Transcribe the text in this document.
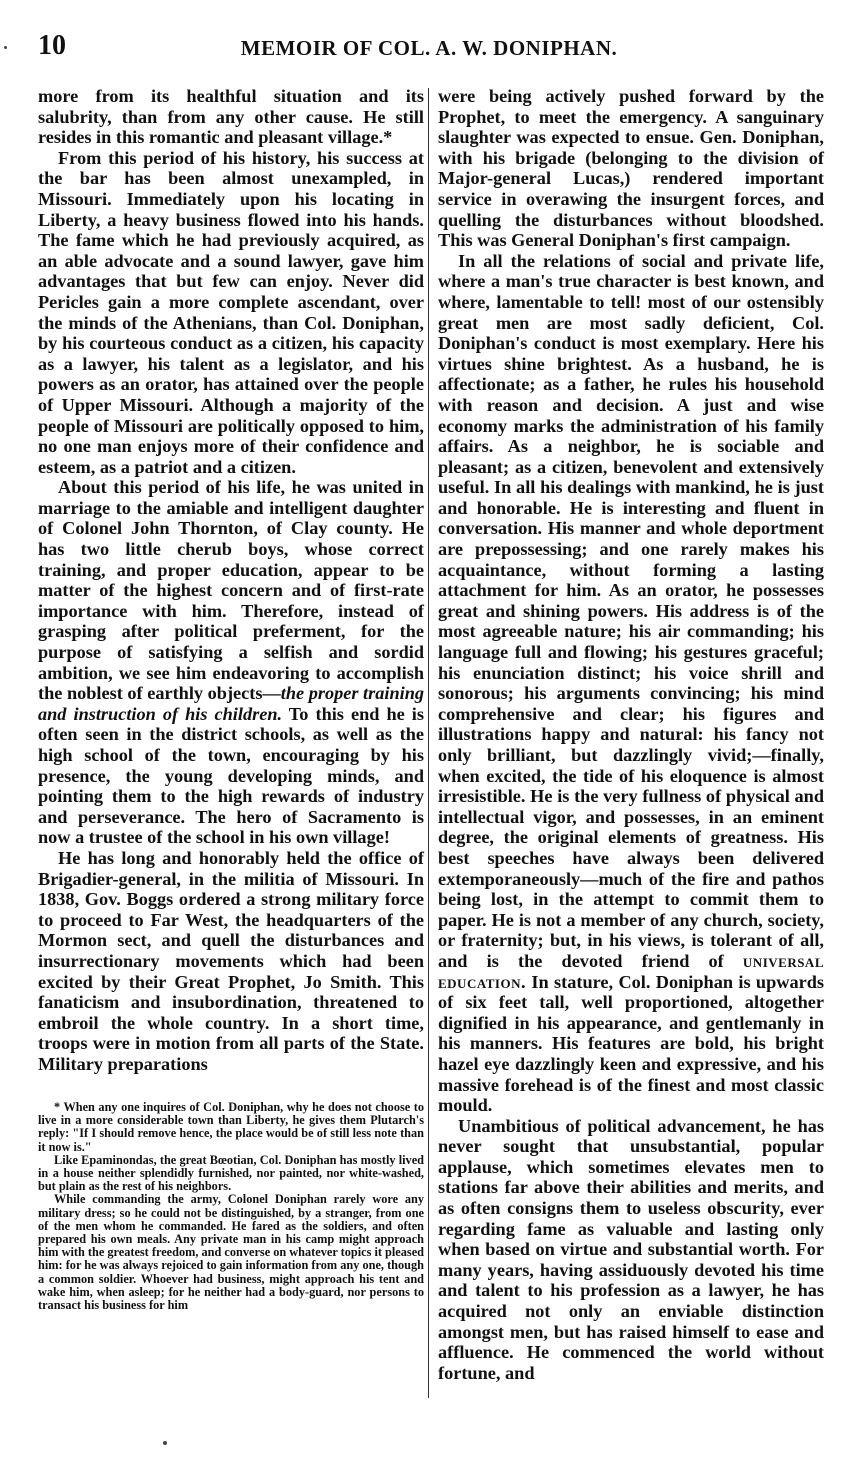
10	MEMOIR OF COL. A. W. DONIPHAN.

more from its healthful situation and its salubrity, than from any other cause. He still resides in this romantic and pleasant village.*

From this period of his history, his success at the bar has been almost unexampled, in Missouri. Immediately upon his locating in Liberty, a heavy business flowed into his hands. The fame which he had previously acquired, as an able advocate and a sound lawyer, gave him advantages that but few can enjoy. Never did Pericles gain a more complete ascendant, over the minds of the Athenians, than Col. Doniphan, by his courteous conduct as a citizen, his capacity as a lawyer, his talent as a legislator, and his powers as an orator, has attained over the people of Upper Missouri. Although a majority of the people of Missouri are politically opposed to him, no one man enjoys more of their confidence and esteem, as a patriot and a citizen.

About this period of his life, he was united in marriage to the amiable and intelligent daughter of Colonel John Thornton, of Clay county. He has two little cherub boys, whose correct training, and proper education, appear to be matter of the highest concern and of first-rate importance with him. Therefore, instead of grasping after political preferment, for the purpose of satisfying a selfish and sordid ambition, we see him endeavoring to accomplish the noblest of earthly objects—the proper training and instruction of his children. To this end he is often seen in the district schools, as well as the high school of the town, encouraging by his presence, the young developing minds, and pointing them to the high rewards of industry and perseverance. The hero of Sacramento is now a trustee of the school in his own village!

He has long and honorably held the office of Brigadier-general, in the militia of Missouri. In 1838, Gov. Boggs ordered a strong military force to proceed to Far West, the headquarters of the Mormon sect, and quell the disturbances and insurrectionary movements which had been excited by their Great Prophet, Jo Smith. This fanaticism and insubordination, threatened to embroil the whole country. In a short time, troops were in motion from all parts of the State. Military preparations

were being actively pushed forward by the Prophet, to meet the emergency. A sanguinary slaughter was expected to ensue. Gen. Doniphan, with his brigade (belonging to the division of Major-general Lucas,) rendered important service in overawing the insurgent forces, and quelling the disturbances without bloodshed. This was General Doniphan's first campaign.

In all the relations of social and private life, where a man's true character is best known, and where, lamentable to tell! most of our ostensibly great men are most sadly deficient, Col. Doniphan's conduct is most exemplary. Here his virtues shine brightest. As a husband, he is affectionate; as a father, he rules his household with reason and decision. A just and wise economy marks the administration of his family affairs. As a neighbor, he is sociable and pleasant; as a citizen, benevolent and extensively useful. In all his dealings with mankind, he is just and honorable. He is interesting and fluent in conversation. His manner and whole deportment are prepossessing; and one rarely makes his acquaintance, without forming a lasting attachment for him. As an orator, he possesses great and shining powers. His address is of the most agreeable nature; his air commanding; his language full and flowing; his gestures graceful; his enunciation distinct; his voice shrill and sonorous; his arguments convincing; his mind comprehensive and clear; his figures and illustrations happy and natural: his fancy not only brilliant, but dazzlingly vivid;—finally, when excited, the tide of his eloquence is almost irresistible. He is the very fullness of physical and intellectual vigor, and possesses, in an eminent degree, the original elements of greatness. His best speeches have always been delivered extemporaneously—much of the fire and pathos being lost, in the attempt to commit them to paper. He is not a member of any church, society, or fraternity; but, in his views, is tolerant of all, and is the devoted friend of universal education. In stature, Col. Doniphan is upwards of six feet tall, well proportioned, altogether dignified in his appearance, and gentlemanly in his manners. His features are bold, his bright hazel eye dazzlingly keen and expressive, and his massive forehead is of the finest and most classic mould.

Unambitious of political advancement, he has never sought that unsubstantial, popular applause, which sometimes elevates men to stations far above their abilities and merits, and as often consigns them to useless obscurity, ever regarding fame as valuable and lasting only when based on virtue and substantial worth. For many years, having assiduously devoted his time and talent to his profession as a lawyer, he has acquired not only an enviable distinction amongst men, but has raised himself to ease and affluence. He commenced the world without fortune, and

* When any one inquires of Col. Doniphan, why he does not choose to live in a more considerable town than Liberty, he gives them Plutarch's reply: "If I should remove hence, the place would be of still less note than it now is."

Like Epaminondas, the great Bœotian, Col. Doniphan has mostly lived in a house neither splendidly furnished, nor painted, nor white-washed, but plain as the rest of his neighbors.

While commanding the army, Colonel Doniphan rarely wore any military dress; so he could not be distinguished, by a stranger, from one of the men whom he commanded. He fared as the soldiers, and often prepared his own meals. Any private man in his camp might approach him with the greatest freedom, and converse on whatever topics it pleased him: for he was always rejoiced to gain information from any one, though a common soldier. Whoever had business, might approach his tent and wake him, when asleep; for he neither had a body-guard, nor persons to transact his business for him
